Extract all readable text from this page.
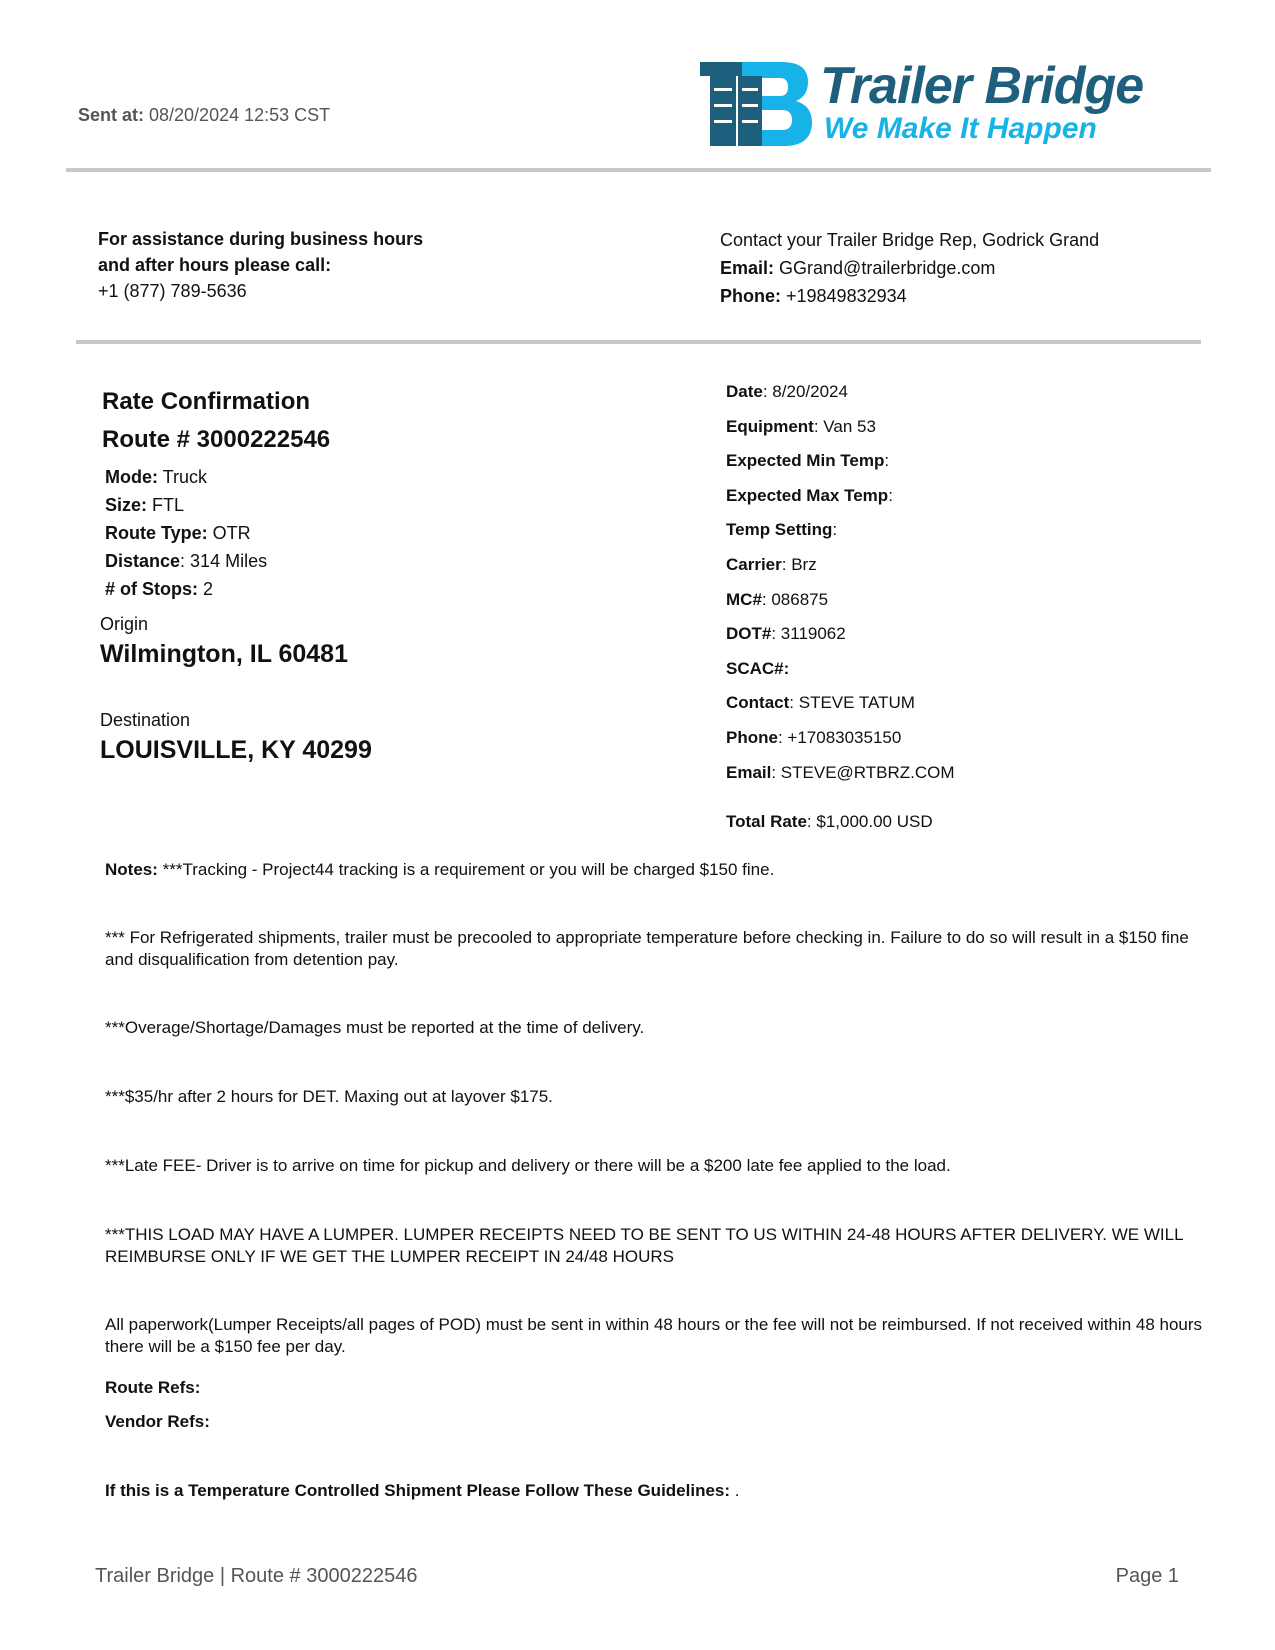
Sent at: 08/20/2024 12:53 CST	Trailer Bridge
We Make It Happen
For assistance during business hours
and after hours please call:
+1 (877) 789-5636
Contact your Trailer Bridge Rep, Godrick Grand
Email: GGrand@trailerbridge.com
Phone: +19849832934
Rate Confirmation
Route # 3000222546
Mode: Truck
Size: FTL
Route Type: OTR
Distance: 314 Miles
# of Stops: 2
Origin
Wilmington, IL 60481
Destination
LOUISVILLE, KY 40299
Date: 8/20/2024
Equipment: Van 53
Expected Min Temp:
Expected Max Temp:
Temp Setting:
Carrier: Brz
MC#: 086875
DOT#: 3119062
SCAC#:
Contact: STEVE TATUM
Phone: +17083035150
Email: STEVE@RTBRZ.COM
Total Rate: $1,000.00 USD

Notes: ***Tracking - Project44 tracking is a requirement or you will be charged $150 fine.

*** For Refrigerated shipments, trailer must be precooled to appropriate temperature before checking in. Failure to do so will result in a $150 fine and disqualification from detention pay.

***Overage/Shortage/Damages must be reported at the time of delivery.

***$35/hr after 2 hours for DET. Maxing out at layover $175.

***Late FEE- Driver is to arrive on time for pickup and delivery or there will be a $200 late fee applied to the load.

***THIS LOAD MAY HAVE A LUMPER. LUMPER RECEIPTS NEED TO BE SENT TO US WITHIN 24-48 HOURS AFTER DELIVERY. WE WILL REIMBURSE ONLY IF WE GET THE LUMPER RECEIPT IN 24/48 HOURS

All paperwork(Lumper Receipts/all pages of POD) must be sent in within 48 hours or the fee will not be reimbursed. If not received within 48 hours there will be a $150 fee per day.

Route Refs:
Vendor Refs:
If this is a Temperature Controlled Shipment Please Follow These Guidelines: .
Trailer Bridge | Route # 3000222546	Page 1
